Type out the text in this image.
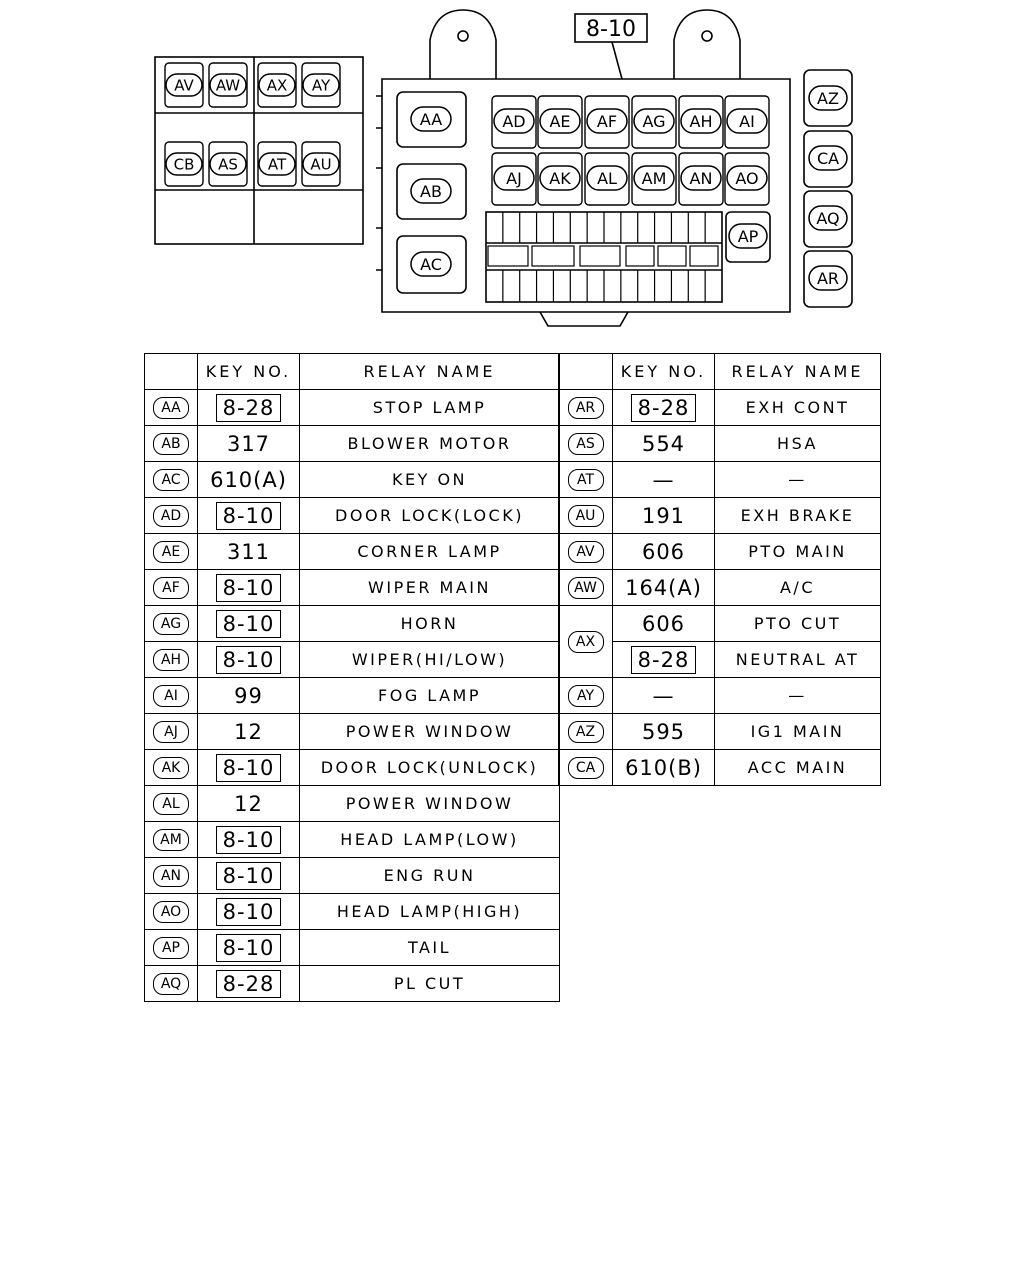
AV AW AX AY
CB AS AT AU
AA
AB
AC
AD AE AF AG AH AI
AJ AK AL AM AN AO
AP
AZ
CA
AQ
AR
8-10
	KEY NO.	RELAY NAME
AA	8-28	STOP LAMP
AB	317	BLOWER MOTOR
AC	610(A)	KEY ON
AD	8-10	DOOR LOCK(LOCK)
AE	311	CORNER LAMP
AF	8-10	WIPER MAIN
AG	8-10	HORN
AH	8-10	WIPER(HI/LOW)
AI	99	FOG LAMP
AJ	12	POWER WINDOW
AK	8-10	DOOR LOCK(UNLOCK)
AL	12	POWER WINDOW
AM	8-10	HEAD LAMP(LOW)
AN	8-10	ENG RUN
AO	8-10	HEAD LAMP(HIGH)
AP	8-10	TAIL
AQ	8-28	PL CUT
	KEY NO.	RELAY NAME
AR	8-28	EXH CONT
AS	554	HSA
AT	—	—
AU	191	EXH BRAKE
AV	606	PTO MAIN
AW	164(A)	A/C
AX	606	PTO CUT
	8-28	NEUTRAL AT
AY	—	—
AZ	595	IG1 MAIN
CA	610(B)	ACC MAIN
